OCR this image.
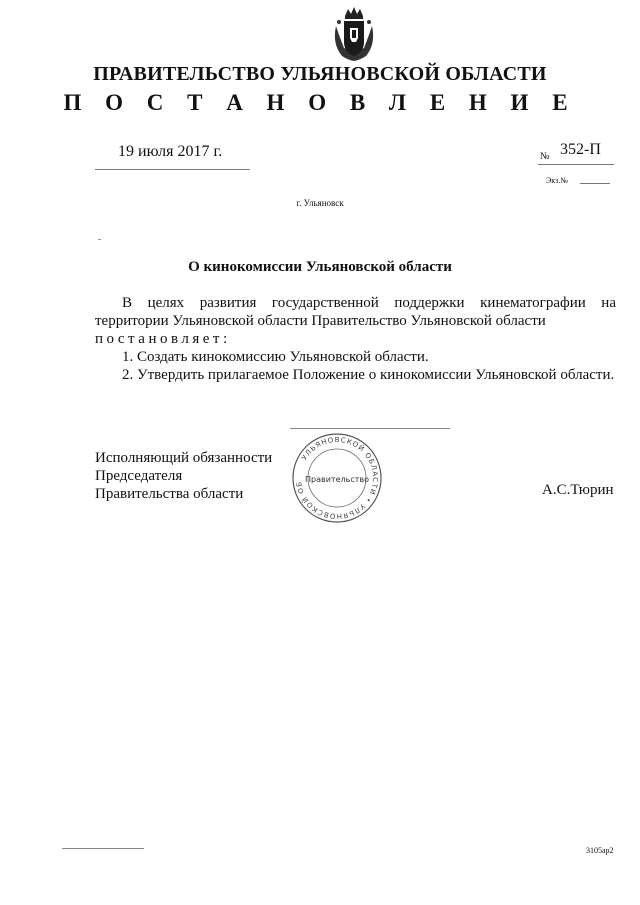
ПРАВИТЕЛЬСТВО УЛЬЯНОВСКОЙ ОБЛАСТИ
П О С Т А Н О В Л Е Н И Е
19 июля 2017 г.	№ 352-П
Экз.№
г. Ульяновск
О кинокомиссии Ульяновской области

В целях развития государственной поддержки кинематографии на территории Ульяновской области Правительство Ульяновской области

постановляет:

1. Создать кинокомиссию Ульяновской области.

2. Утвердить прилагаемое Положение о кинокомиссии Ульяновской области.

УЛЬЯНОВСКОЙ ОБЛАСТИ • УЛЬЯНОВСКОЙ ОБ Правительство
Исполняющий обязанности
Председателя
Правительства области	А.С.Тюрин
3105ар2
